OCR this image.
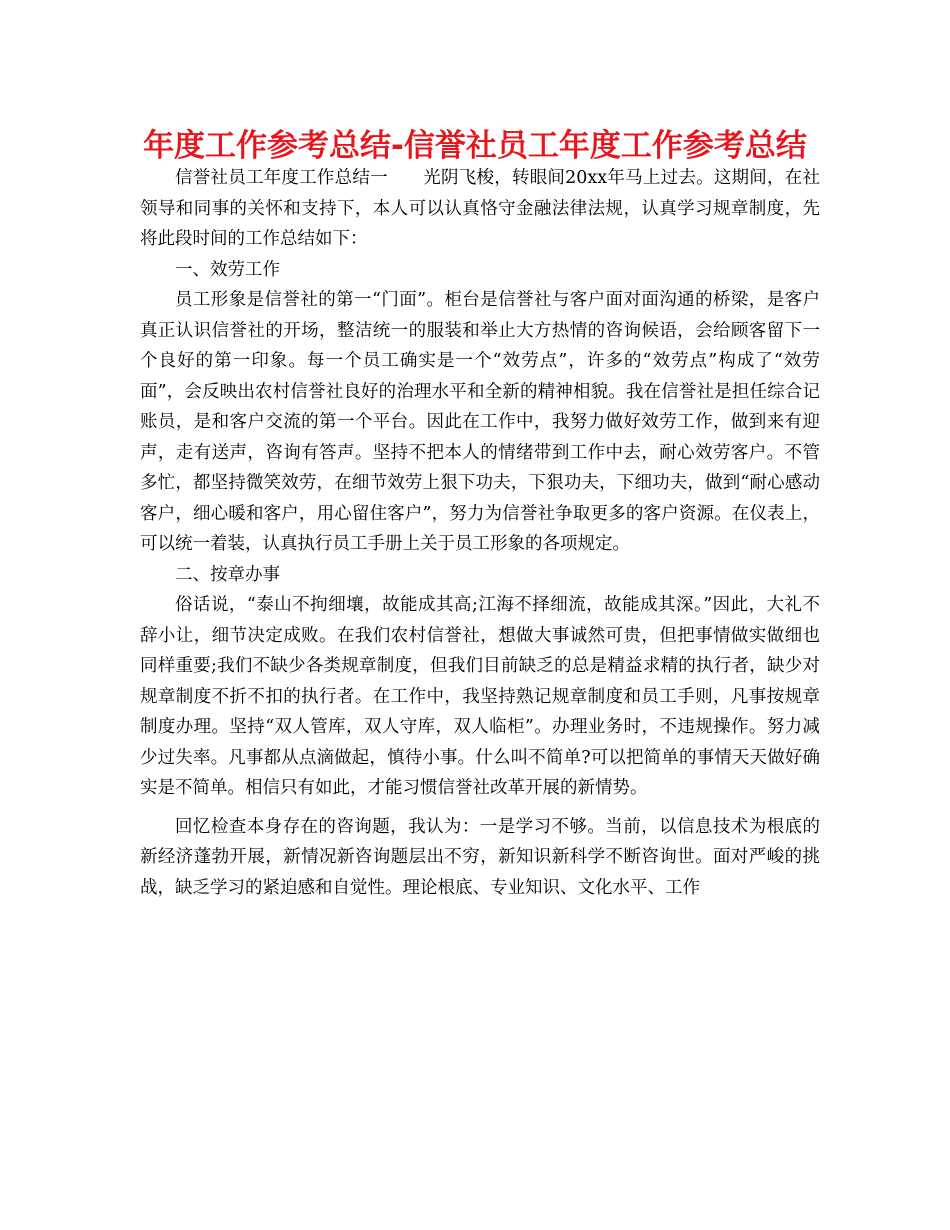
年度工作参考总结-信誉社员工年度工作参考总结

信誉社员工年度工作总结一　　光阴飞梭，转眼间20xx年马上过去。这期间，在社领导和同事的关怀和支持下，本人可以认真恪守金融法律法规，认真学习规章制度，先将此段时间的工作总结如下：

一、效劳工作

员工形象是信誉社的第一“门面”。柜台是信誉社与客户面对面沟通的桥梁，是客户真正认识信誉社的开场，整洁统一的服装和举止大方热情的咨询候语，会给顾客留下一个良好的第一印象。每一个员工确实是一个“效劳点”，许多的“效劳点”构成了“效劳面”，会反映出农村信誉社良好的治理水平和全新的精神相貌。我在信誉社是担任综合记账员，是和客户交流的第一个平台。因此在工作中，我努力做好效劳工作，做到来有迎声，走有送声，咨询有答声。坚持不把本人的情绪带到工作中去，耐心效劳客户。不管多忙，都坚持微笑效劳，在细节效劳上狠下功夫，下狠功夫，下细功夫，做到“耐心感动客户，细心暖和客户，用心留住客户”，努力为信誉社争取更多的客户资源。在仪表上，可以统一着装，认真执行员工手册上关于员工形象的各项规定。

二、按章办事

俗话说，“泰山不拘细壤，故能成其高;江海不择细流，故能成其深。”因此，大礼不辞小让，细节决定成败。在我们农村信誉社，想做大事诚然可贵，但把事情做实做细也同样重要;我们不缺少各类规章制度，但我们目前缺乏的总是精益求精的执行者，缺少对规章制度不折不扣的执行者。在工作中，我坚持熟记规章制度和员工手则，凡事按规章制度办理。坚持“双人管库，双人守库，双人临柜”。办理业务时，不违规操作。努力减少过失率。凡事都从点滴做起，慎待小事。什么叫不简单?可以把简单的事情天天做好确实是不简单。相信只有如此，才能习惯信誉社改革开展的新情势。

回忆检查本身存在的咨询题，我认为：一是学习不够。当前，以信息技术为根底的新经济蓬勃开展，新情况新咨询题层出不穷，新知识新科学不断咨询世。面对严峻的挑战，缺乏学习的紧迫感和自觉性。理论根底、专业知识、文化水平、工作
